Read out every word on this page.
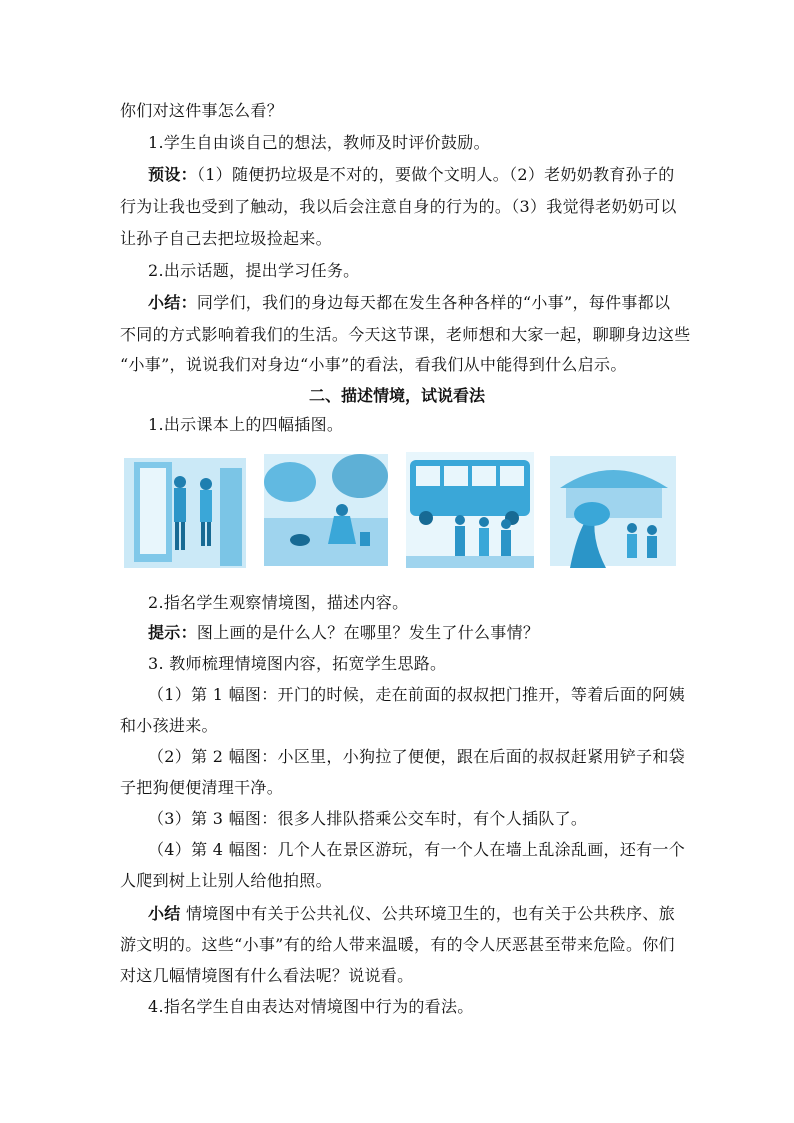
你们对这件事怎么看？
1.学生自由谈自己的想法，教师及时评价鼓励。
预设：（1）随便扔垃圾是不对的，要做个文明人。（2）老奶奶教育孙子的
行为让我也受到了触动，我以后会注意自身的行为的。（3）我觉得老奶奶可以
让孙子自己去把垃圾捡起来。
2.出示话题，提出学习任务。
小结：同学们，我们的身边每天都在发生各种各样的“小事”，每件事都以
不同的方式影响着我们的生活。今天这节课，老师想和大家一起，聊聊身边这些
“小事”，说说我们对身边“小事”的看法，看我们从中能得到什么启示。
二、描述情境，试说看法
1.出示课本上的四幅插图。
2.指名学生观察情境图，描述内容。
提示：图上画的是什么人？在哪里？发生了什么事情？
3. 教师梳理情境图内容，拓宽学生思路。
（1）第 1 幅图：开门的时候，走在前面的叔叔把门推开，等着后面的阿姨
和小孩进来。
（2）第 2 幅图：小区里，小狗拉了便便，跟在后面的叔叔赶紧用铲子和袋
子把狗便便清理干净。
（3）第 3 幅图：很多人排队搭乘公交车时，有个人插队了。
（4）第 4 幅图：几个人在景区游玩，有一个人在墙上乱涂乱画，还有一个
人爬到树上让别人给他拍照。
小结 情境图中有关于公共礼仪、公共环境卫生的，也有关于公共秩序、旅
游文明的。这些“小事”有的给人带来温暖，有的令人厌恶甚至带来危险。你们
对这几幅情境图有什么看法呢？说说看。
4.指名学生自由表达对情境图中行为的看法。
